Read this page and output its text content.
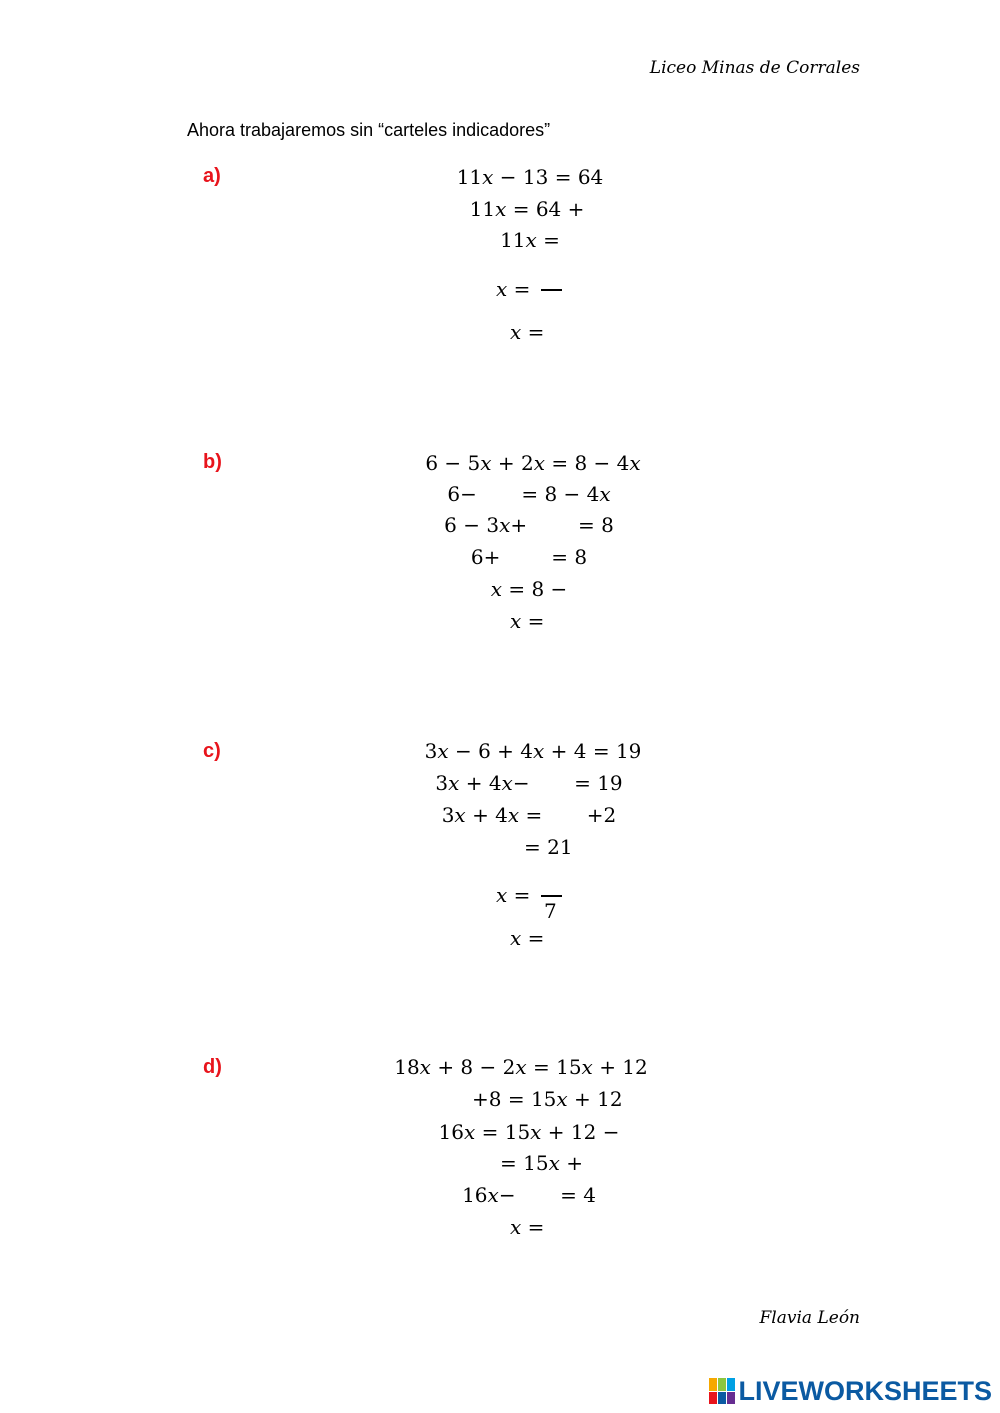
Liceo Minas de Corrales
Ahora trabajaremos sin “carteles indicadores”
a)	11𝑥 − 13 = 64
11𝑥 = 64 +
11𝑥 =
𝑥 =
𝑥 =
b)	6 − 5𝑥 + 2𝑥 = 8 − 4𝑥
6−       = 8 − 4𝑥
6 − 3𝑥+        = 8
6+        = 8
𝑥 = 8 −
𝑥 =
c)	3𝑥 − 6 + 4𝑥 + 4 = 19
3𝑥 + 4𝑥−       = 19
3𝑥 + 4𝑥 =       +2
= 21
𝑥 =
7
𝑥 =
d)	18𝑥 + 8 − 2𝑥 = 15𝑥 + 12
+8 = 15𝑥 + 12
16𝑥 = 15𝑥 + 12 −
= 15𝑥 +
16𝑥−       = 4
𝑥 =
Flavia León
LIVEWORKSHEETS
